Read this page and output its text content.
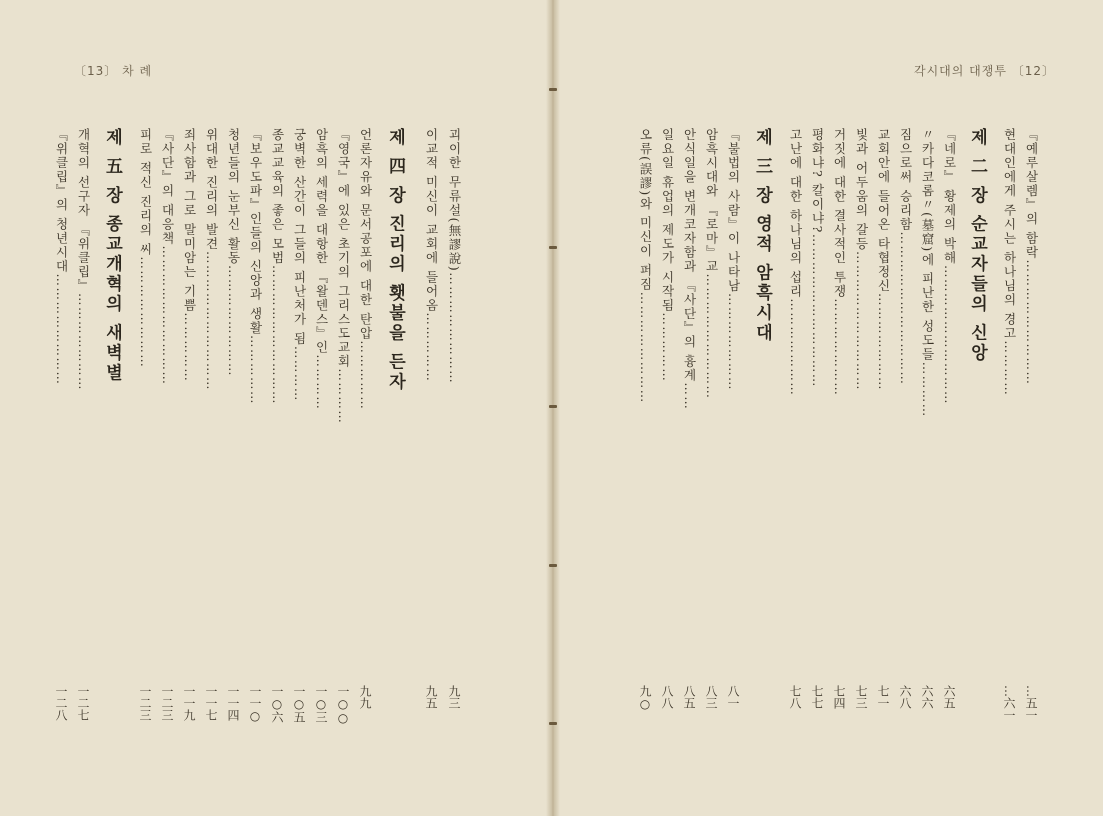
〔13〕 차 례	각시대의 대쟁투 〔12〕
괴이한 무류설(無謬說)……………………
九三
이교적 미신이 교회에 들어옴……………
九五
제 四 장 진리의 횃불을 든자
언론자유와 문서공포에 대한 탄압……………
九九
『영국』에 있은 초기의 그리스도교회…………
一○○
암흑의 세력을 대항한 『왈덴스』인…………
一○三
궁벽한 산간이 그들의 피난처가 됨…………
一○五
종교교육의 좋은 모범…………………………
一○六
『보우도파』인들의 신앙과 생활……………
一一○
청년들의 눈부신 활동……………………
一一四
위대한 진리의 발견…………………………
一一七
죄사함과 그로 말미암는 기쁨……………
一一九
『사단』의 대응책…………………………
一二三
피로 적신 진리의 씨……………………
一二三
제 五 장 종교개혁의 새벽별
개혁의 선구자 『위클립』…………………
一二七
『위클립』의 청년시대……………………
一二八
『예루살렘』의 함락………………………
…五一
현대인에게 주시는 하나님의 경고…………
…六一
제 二 장 순교자들의 신앙
『네로』 황제의 박해…………………………
六五
〃카다코롬〃(墓窟)에 피난한 성도들…………
六六
짐으로써 승리함……………………………
六八
교회안에 들어온 타협정신…………………
七一
빛과 어두움의 갈등…………………………
七三
거짓에 대한 결사적인 투쟁…………………
七四
평화냐? 칼이냐?……………………………
七七
고난에 대한 하나님의 섭리…………………
七八
제 三 장 영적 암흑시대
『불법의 사람』이 나타남…………………
八一
암흑시대와 『로마』교………………………
八三
안식일을 변개코자함과 『사단』의 흉계……
八五
일요일 휴업의 제도가 시작됨……………
八八
오류(誤謬)와 미신이 퍼짐……………………
九○
